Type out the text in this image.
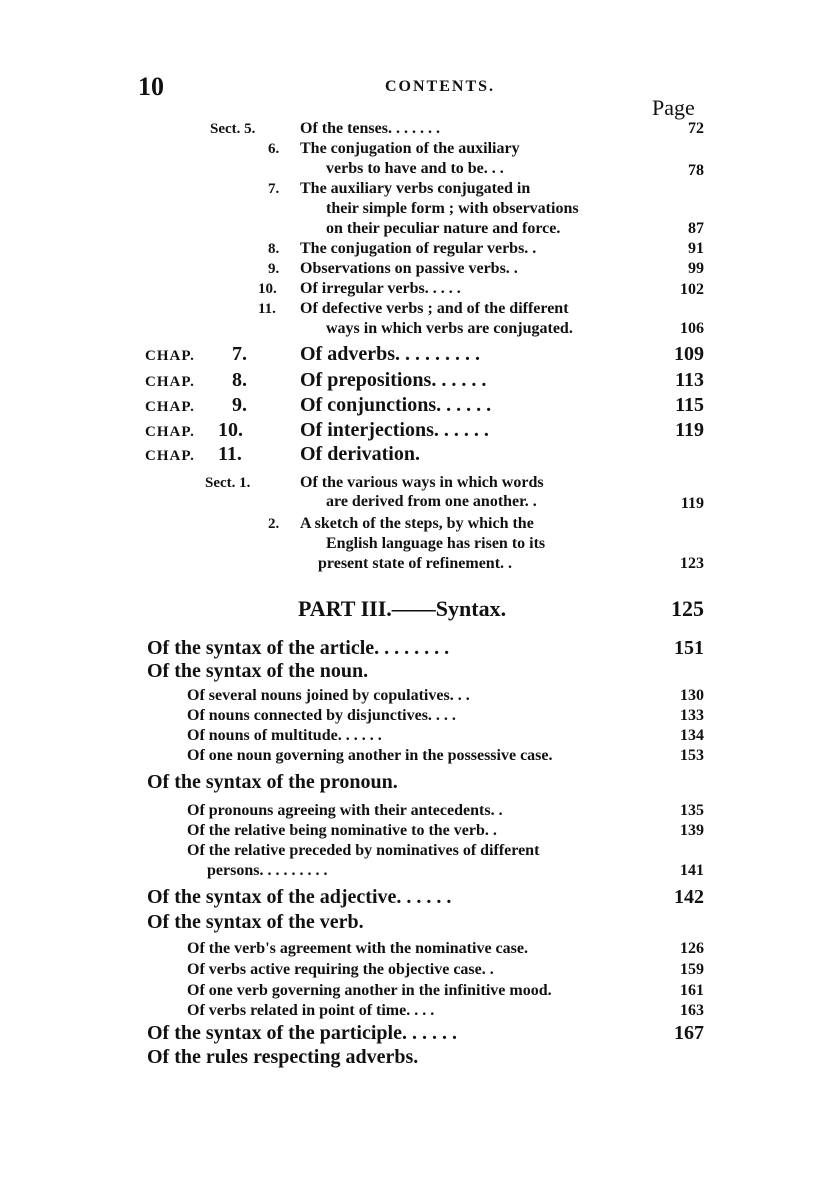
10	CONTENTS.
Page
Sect. 5.	Of the tenses. . . . . . .	72
6. The conjugation of the auxiliary
verbs to have and to be. . .	78
7. The auxiliary verbs conjugated in
their simple form ; with observations
on their peculiar nature and force.	87
8. The conjugation of regular verbs. .	91
9. Observations on passive verbs. .	99
10. Of irregular verbs. . . . .	102
11. Of defective verbs ; and of the different
ways in which verbs are conjugated.	106
CHAP. 7.	Of adverbs. . . . . . . . .	109
CHAP. 8.	Of prepositions. . . . . .	113
CHAP. 9.	Of conjunctions. . . . . .	115
CHAP. 10.	Of interjections. . . . . .	119
CHAP. 11.	Of derivation.
Sect. 1.	Of the various ways in which words
are derived from one another. .	119
2. A sketch of the steps, by which the
English language has risen to its
present state of refinement. .	123
PART III.——Syntax.	125
Of the syntax of the article. . . . . . . .	151
Of the syntax of the noun.
Of several nouns joined by copulatives. . .	130
Of nouns connected by disjunctives. . . .	133
Of nouns of multitude. . . . . .	134
Of one noun governing another in the possessive case.	153
Of the syntax of the pronoun.
Of pronouns agreeing with their antecedents. .	135
Of the relative being nominative to the verb. .	139
Of the relative preceded by nominatives of different
persons. . . . . . . . .	141
Of the syntax of the adjective. . . . . .	142
Of the syntax of the verb.
Of the verb's agreement with the nominative case.	126
Of verbs active requiring the objective case. .	159
Of one verb governing another in the infinitive mood.	161
Of verbs related in point of time. . . .	163
Of the syntax of the participle. . . . . .	167
Of the rules respecting adverbs.
